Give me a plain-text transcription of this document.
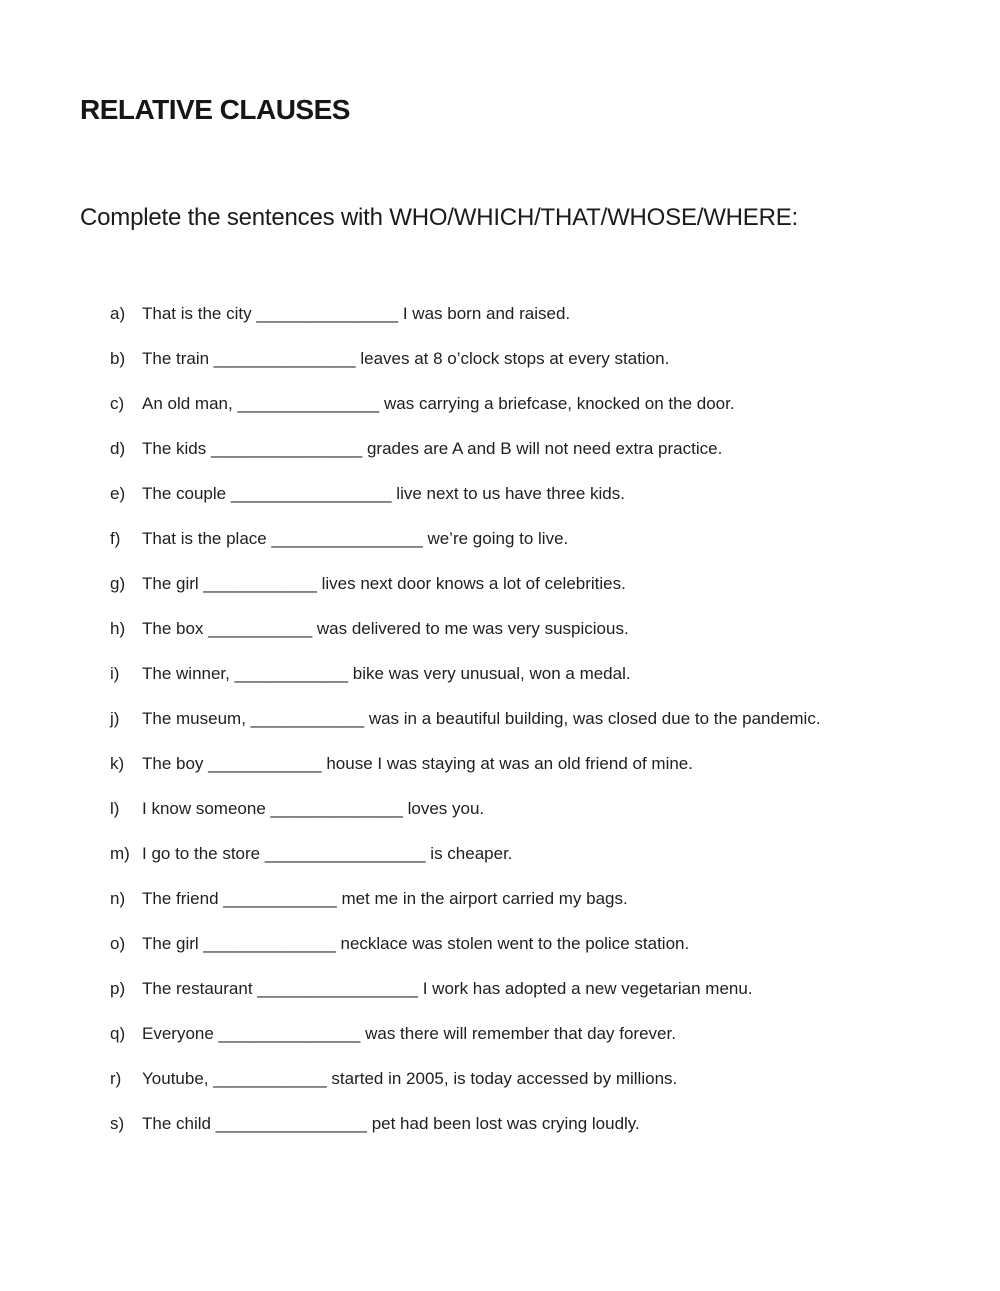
RELATIVE CLAUSES
Complete the sentences with WHO/WHICH/THAT/WHOSE/WHERE:
a) That is the city _______________ I was born and raised.
b) The train _______________ leaves at 8 o’clock stops at every station.
c)	An old man, _______________ was carrying a briefcase, knocked on the door.
d) The kids ________________ grades are A and B will not need extra practice.
e) The couple _________________ live next to us have three kids.
f)	That is the place ________________ we’re going to live.
g) The girl ____________ lives next door knows a lot of celebrities.
h) The box ___________ was delivered to me was very suspicious.
i)	The winner, ____________ bike was very unusual, won a medal.
j)	The museum, ____________ was in a beautiful building, was closed due to the pandemic.
k)	The boy ____________ house I was staying at was an old friend of mine.
l)	I know someone ______________ loves you.
m) I go to the store _________________ is cheaper.
n) The friend ____________ met me in the airport carried my bags.
o) The girl ______________ necklace was stolen went to the police station.
p) The restaurant _________________ I work has adopted a new vegetarian menu.
q) Everyone _______________ was there will remember that day forever.
r)	Youtube, ____________ started in 2005, is today accessed by millions.
s)	The child ________________ pet had been lost was crying loudly.
